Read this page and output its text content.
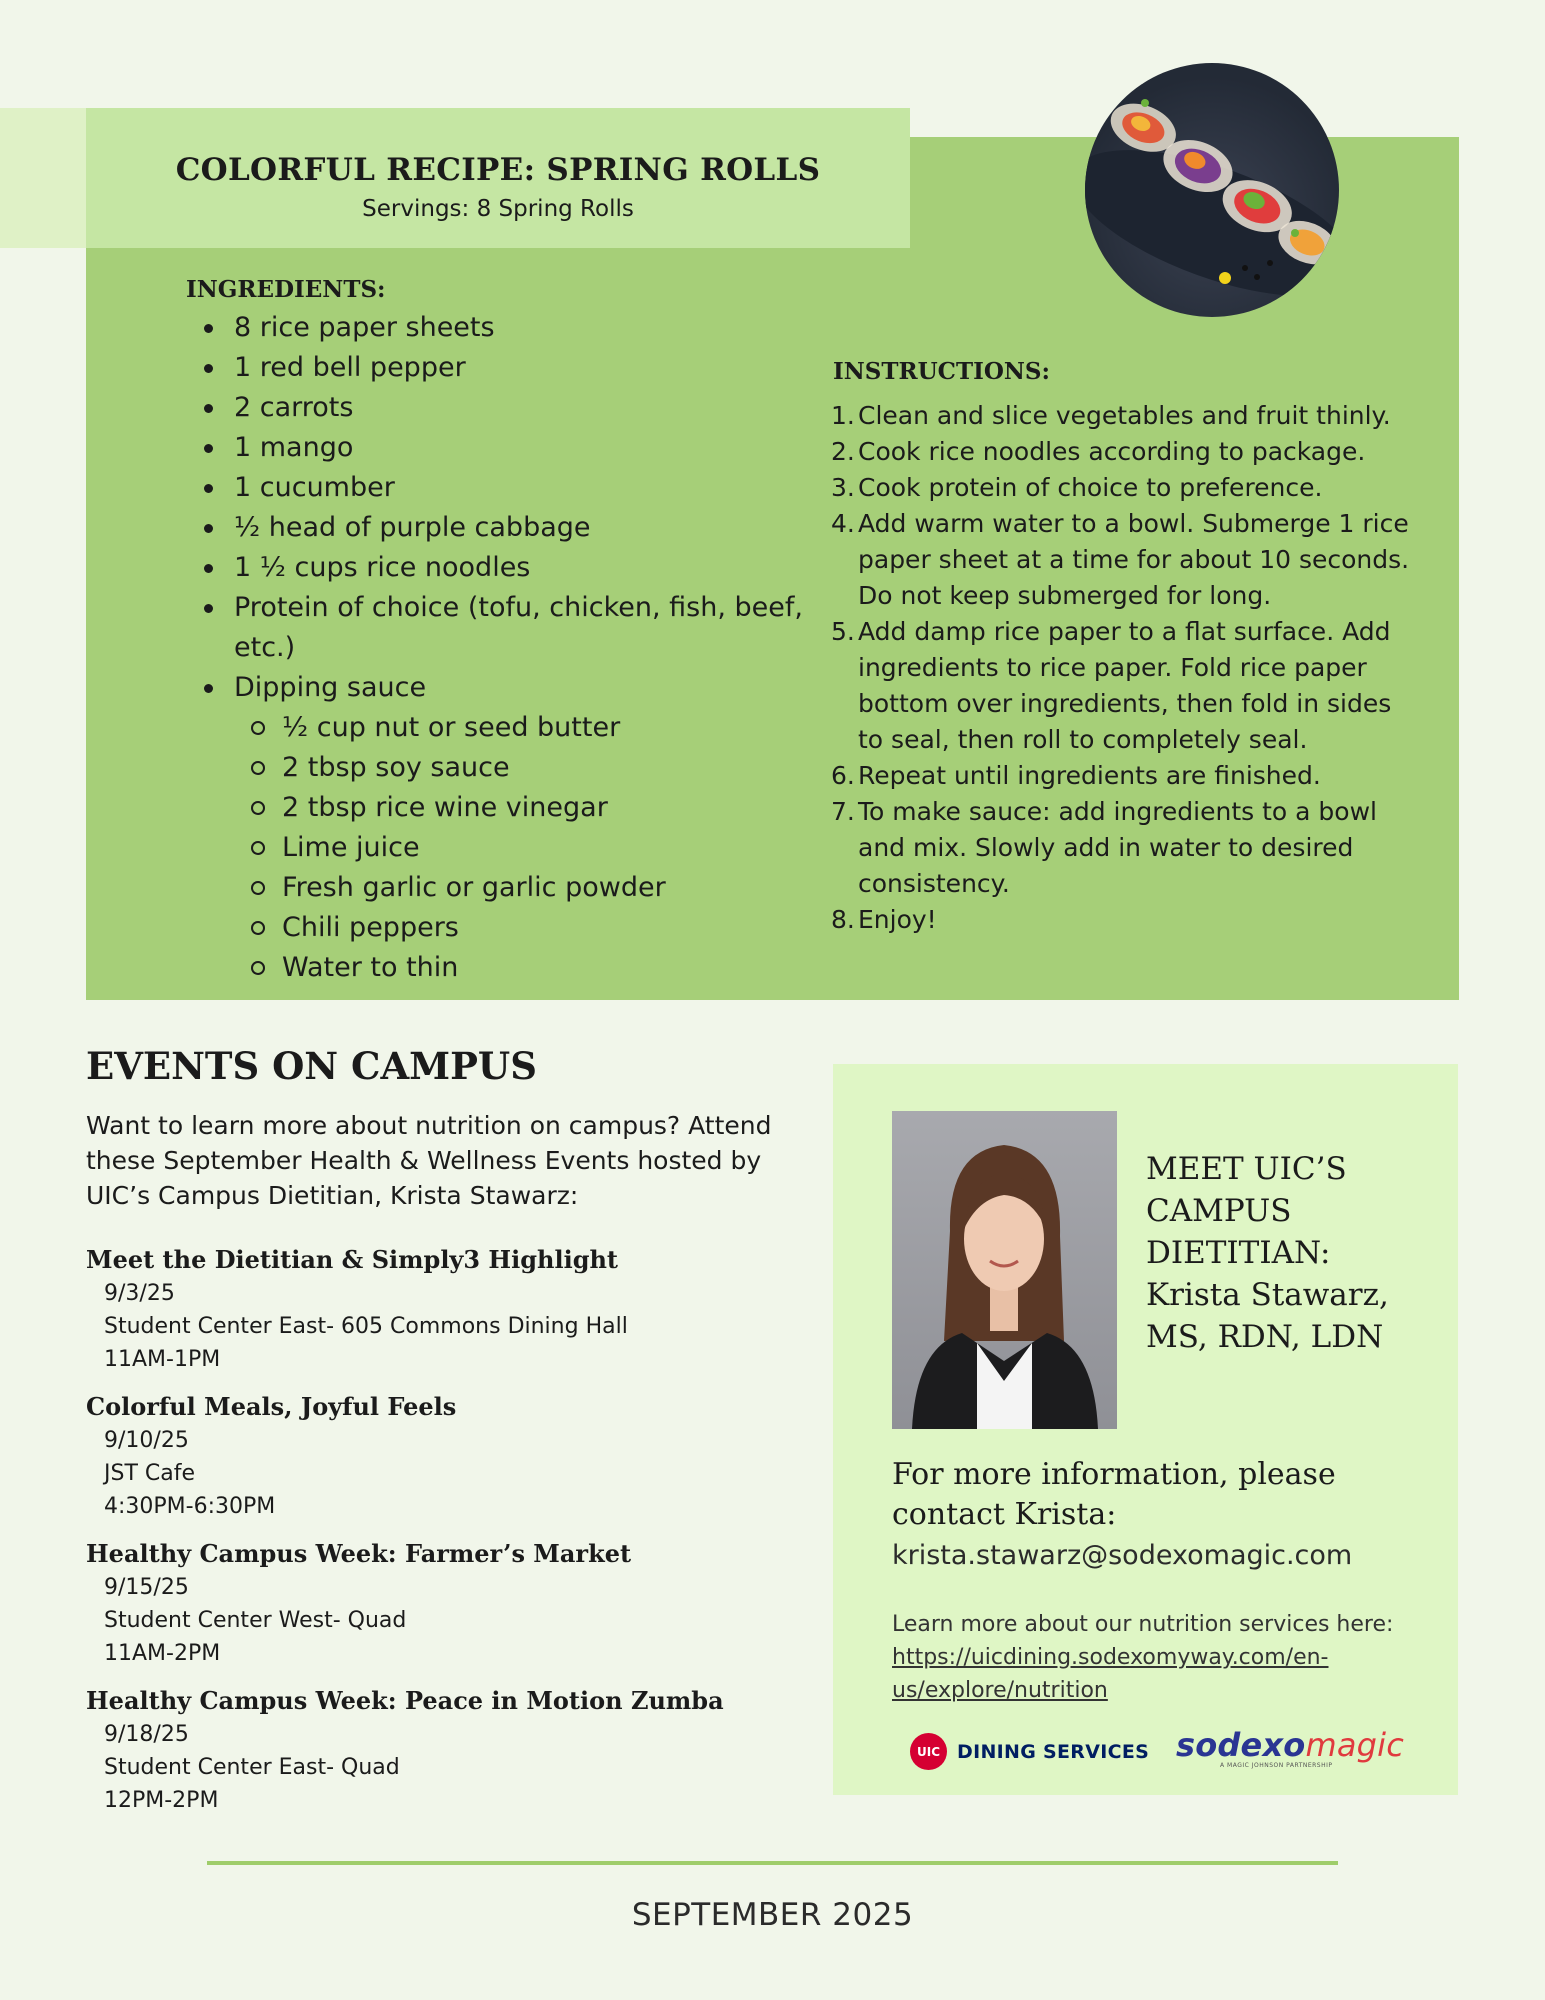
COLORFUL RECIPE: SPRING ROLLS
Servings: 8 Spring Rolls
INGREDIENTS:
8 rice paper sheets
1 red bell pepper
2 carrots
1 mango
1 cucumber
½ head of purple cabbage
1 ½ cups rice noodles
Protein of choice (tofu, chicken, fish, beef, etc.)
Dipping sauce
½ cup nut or seed butter
2 tbsp soy sauce
2 tbsp rice wine vinegar
Lime juice
Fresh garlic or garlic powder
Chili peppers
Water to thin
INSTRUCTIONS:
1. Clean and slice vegetables and fruit thinly.
2. Cook rice noodles according to package.
3. Cook protein of choice to preference.
4. Add warm water to a bowl. Submerge 1 rice paper sheet at a time for about 10 seconds. Do not keep submerged for long.
5. Add damp rice paper to a flat surface. Add ingredients to rice paper. Fold rice paper bottom over ingredients, then fold in sides to seal, then roll to completely seal.
6. Repeat until ingredients are finished.
7. To make sauce: add ingredients to a bowl and mix. Slowly add in water to desired consistency.
8. Enjoy!
EVENTS ON CAMPUS
Want to learn more about nutrition on campus? Attend these September Health & Wellness Events hosted by UIC’s Campus Dietitian, Krista Stawarz:
Meet the Dietitian & Simply3 Highlight
9/3/25
Student Center East- 605 Commons Dining Hall
11AM-1PM
Colorful Meals, Joyful Feels
9/10/25
JST Cafe
4:30PM-6:30PM
Healthy Campus Week: Farmer’s Market
9/15/25
Student Center West- Quad
11AM-2PM
Healthy Campus Week: Peace in Motion Zumba
9/18/25
Student Center East- Quad
12PM-2PM
MEET UIC’S
CAMPUS
DIETITIAN:
Krista Stawarz,
MS, RDN, LDN
For more information, please contact Krista:
krista.stawarz@sodexomagic.com
Learn more about our nutrition services here:
https://uicdining.sodexomyway.com/en-us/explore/nutrition
UIC DINING SERVICES sodexomagic
A MAGIC JOHNSON PARTNERSHIP
SEPTEMBER 2025
